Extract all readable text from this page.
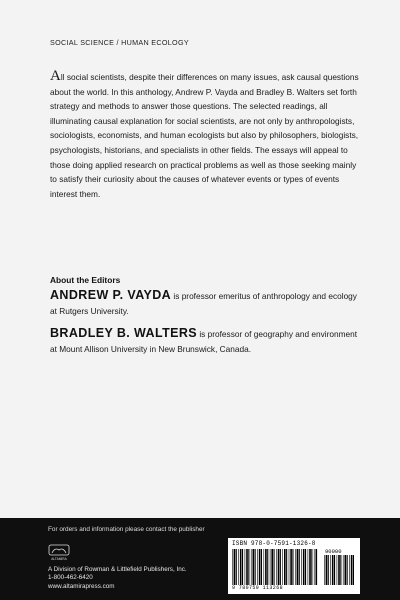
SOCIAL SCIENCE / HUMAN ECOLOGY
All social scientists, despite their differences on many issues, ask causal questions about the world. In this anthology, Andrew P. Vayda and Bradley B. Walters set forth strategy and methods to answer those questions. The selected readings, all illuminating causal explanation for social scientists, are not only by anthropologists, sociologists, economists, and human ecologists but also by philosophers, biologists, psychologists, historians, and specialists in other fields. The essays will appeal to those doing applied research on practical problems as well as those seeking mainly to satisfy their curiosity about the causes of whatever events or types of events interest them.
About the Editors
ANDREW P. VAYDA is professor emeritus of anthropology and ecology at Rutgers University.
BRADLEY B. WALTERS is professor of geography and environment at Mount Allison University in New Brunswick, Canada.
For orders and information please contact the publisher
ALTAMIRA
A Division of Rowman & Littlefield Publishers, Inc.
1-800-462-6420
www.altamirapress.com
ISBN 978-0-7591-1326-8
90000
9 780759 113268
